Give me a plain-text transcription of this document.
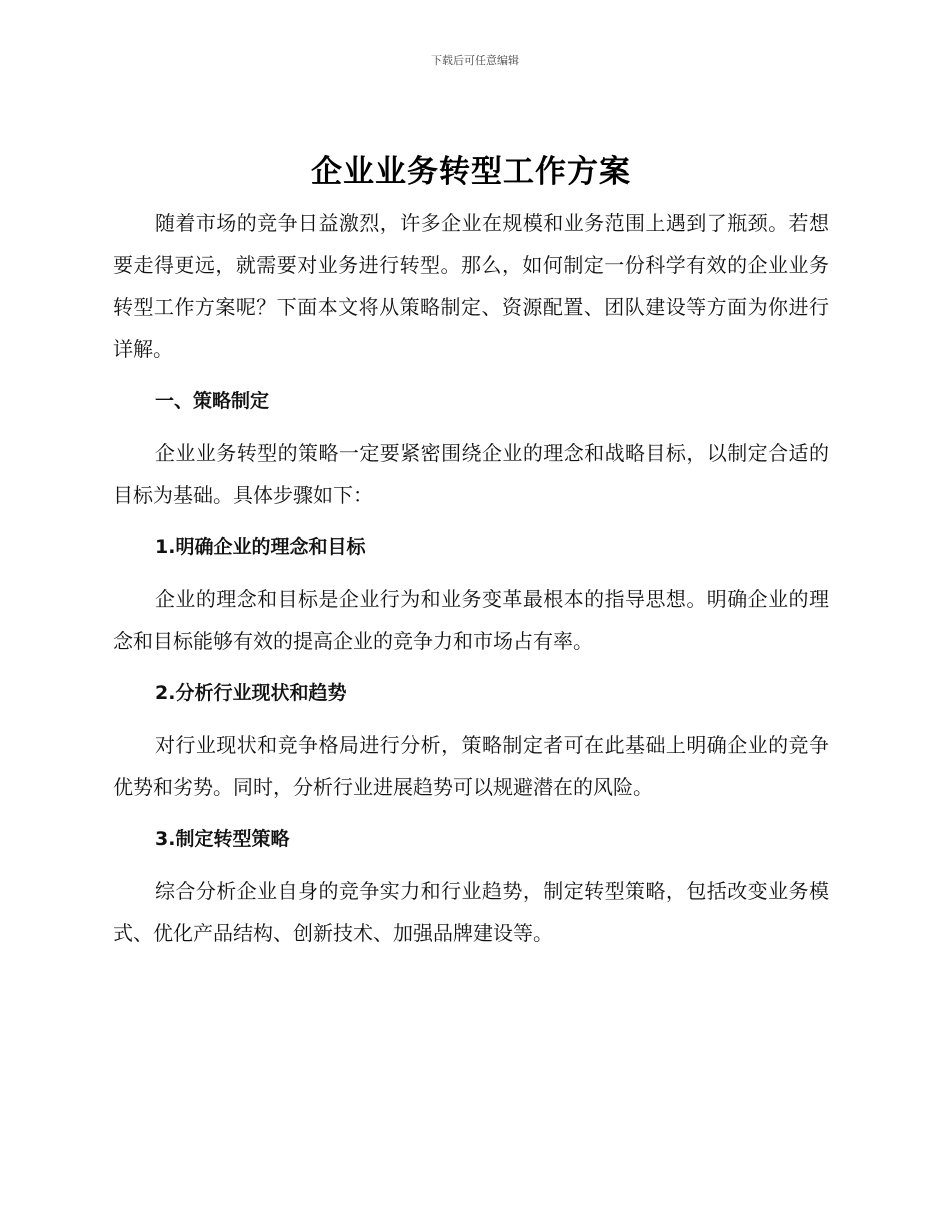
下载后可任意编辑
企业业务转型工作方案

随着市场的竞争日益激烈，许多企业在规模和业务范围上遇到了瓶颈。若想要走得更远，就需要对业务进行转型。那么，如何制定一份科学有效的企业业务转型工作方案呢？下面本文将从策略制定、资源配置、团队建设等方面为你进行详解。

一、策略制定

企业业务转型的策略一定要紧密围绕企业的理念和战略目标，以制定合适的目标为基础。具体步骤如下：

1.明确企业的理念和目标

企业的理念和目标是企业行为和业务变革最根本的指导思想。明确企业的理念和目标能够有效的提高企业的竞争力和市场占有率。

2.分析行业现状和趋势

对行业现状和竞争格局进行分析，策略制定者可在此基础上明确企业的竞争优势和劣势。同时，分析行业进展趋势可以规避潜在的风险。

3.制定转型策略

综合分析企业自身的竞争实力和行业趋势，制定转型策略，包括改变业务模式、优化产品结构、创新技术、加强品牌建设等。
